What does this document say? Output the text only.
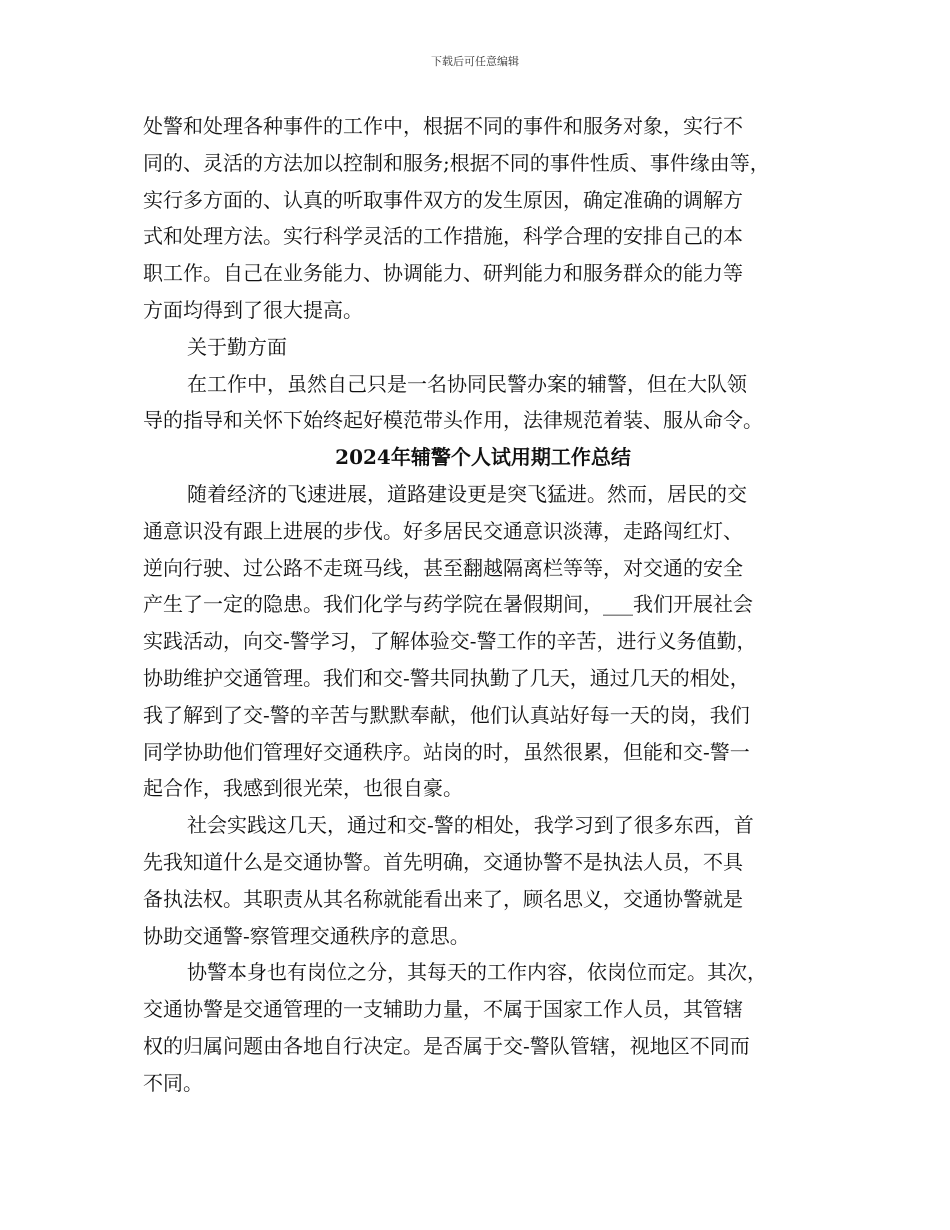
下载后可任意编辑
处警和处理各种事件的工作中，根据不同的事件和服务对象，实行不
同的、灵活的方法加以控制和服务;根据不同的事件性质、事件缘由等，
实行多方面的、认真的听取事件双方的发生原因，确定准确的调解方
式和处理方法。实行科学灵活的工作措施，科学合理的安排自己的本
职工作。自己在业务能力、协调能力、研判能力和服务群众的能力等
方面均得到了很大提高。
关于勤方面
在工作中，虽然自己只是一名协同民警办案的辅警，但在大队领
导的指导和关怀下始终起好模范带头作用，法律规范着装、服从命令。
2024年辅警个人试用期工作总结
随着经济的飞速进展，道路建设更是突飞猛进。然而，居民的交
通意识没有跟上进展的步伐。好多居民交通意识淡薄，走路闯红灯、
逆向行驶、过公路不走斑马线，甚至翻越隔离栏等等，对交通的安全
产生了一定的隐患。我们化学与药学院在暑假期间，___我们开展社会
实践活动，向交-警学习，了解体验交-警工作的辛苦，进行义务值勤，
协助维护交通管理。我们和交-警共同执勤了几天，通过几天的相处，
我了解到了交-警的辛苦与默默奉献，他们认真站好每一天的岗，我们
同学协助他们管理好交通秩序。站岗的时，虽然很累，但能和交-警一
起合作，我感到很光荣，也很自豪。
社会实践这几天，通过和交-警的相处，我学习到了很多东西，首
先我知道什么是交通协警。首先明确，交通协警不是执法人员，不具
备执法权。其职责从其名称就能看出来了，顾名思义，交通协警就是
协助交通警-察管理交通秩序的意思。
协警本身也有岗位之分，其每天的工作内容，依岗位而定。其次，
交通协警是交通管理的一支辅助力量，不属于国家工作人员，其管辖
权的归属问题由各地自行决定。是否属于交-警队管辖，视地区不同而
不同。
